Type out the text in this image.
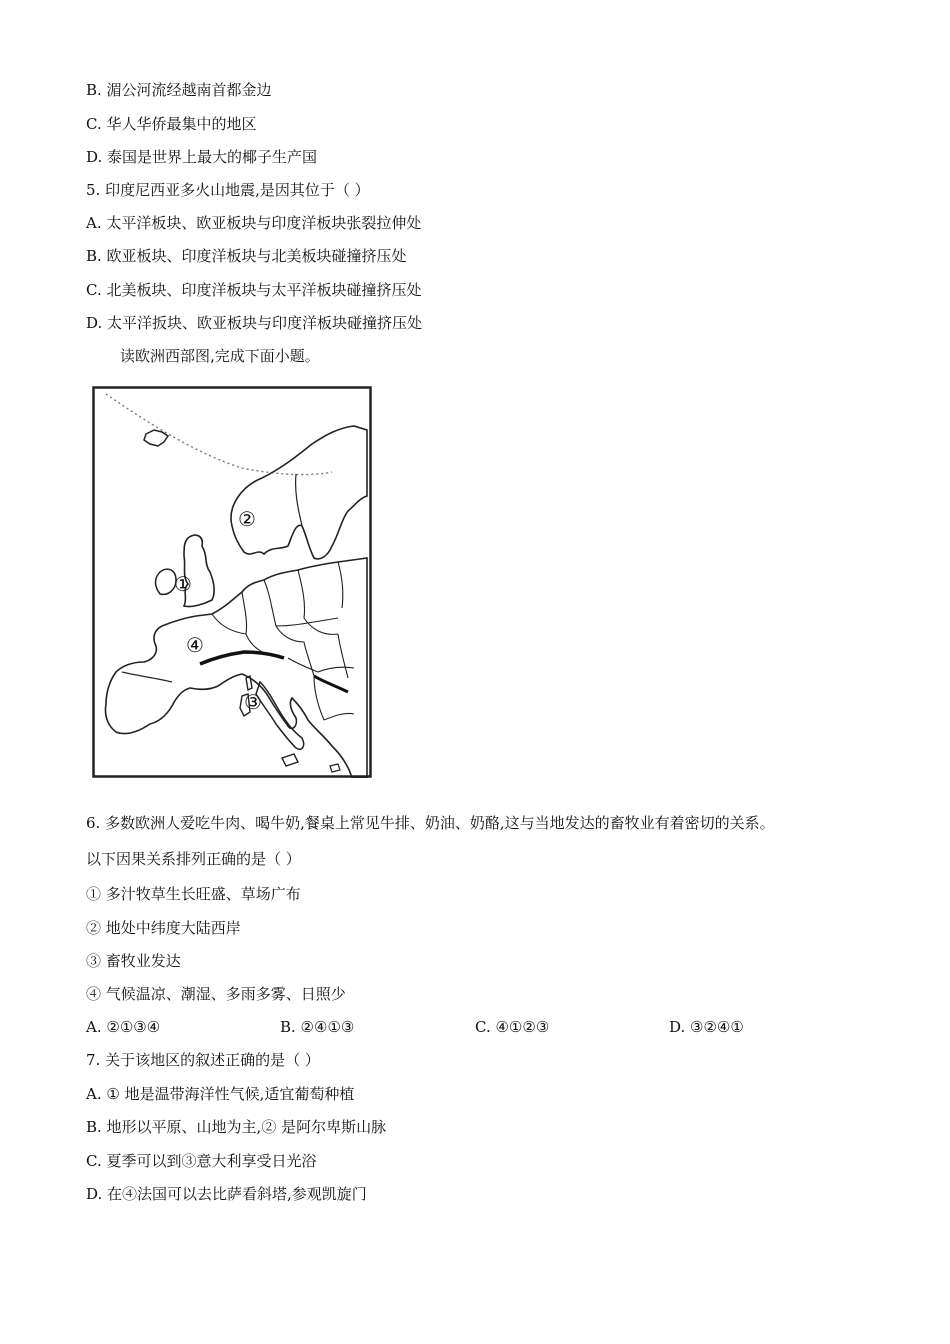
B. 湄公河流经越南首都金边
C. 华人华侨最集中的地区
D. 泰国是世界上最大的椰子生产国
5. 印度尼西亚多火山地震,是因其位于（ ）
A. 太平洋板块、欧亚板块与印度洋板块张裂拉伸处
B. 欧亚板块、印度洋板块与北美板块碰撞挤压处
C. 北美板块、印度洋板块与太平洋板块碰撞挤压处
D. 太平洋扳块、欧亚板块与印度洋板块碰撞挤压处
读欧洲西部图,完成下面小题。
②
①
④
③
6. 多数欧洲人爱吃牛肉、喝牛奶,餐桌上常见牛排、奶油、奶酪,这与当地发达的畜牧业有着密切的关系。
以下因果关系排列正确的是（ ）
① 多汁牧草生长旺盛、草场广布
② 地处中纬度大陆西岸
③ 畜牧业发达
④ 气候温凉、潮湿、多雨多雾、日照少
A. ②①③④	B. ②④①③	C. ④①②③	D. ③②④①
7. 关于该地区的叙述正确的是（ ）
A. ① 地是温带海洋性气候,适宜葡萄种植
B. 地形以平原、山地为主,② 是阿尔卑斯山脉
C. 夏季可以到③意大利享受日光浴
D. 在④法国可以去比萨看斜塔,参观凯旋门
